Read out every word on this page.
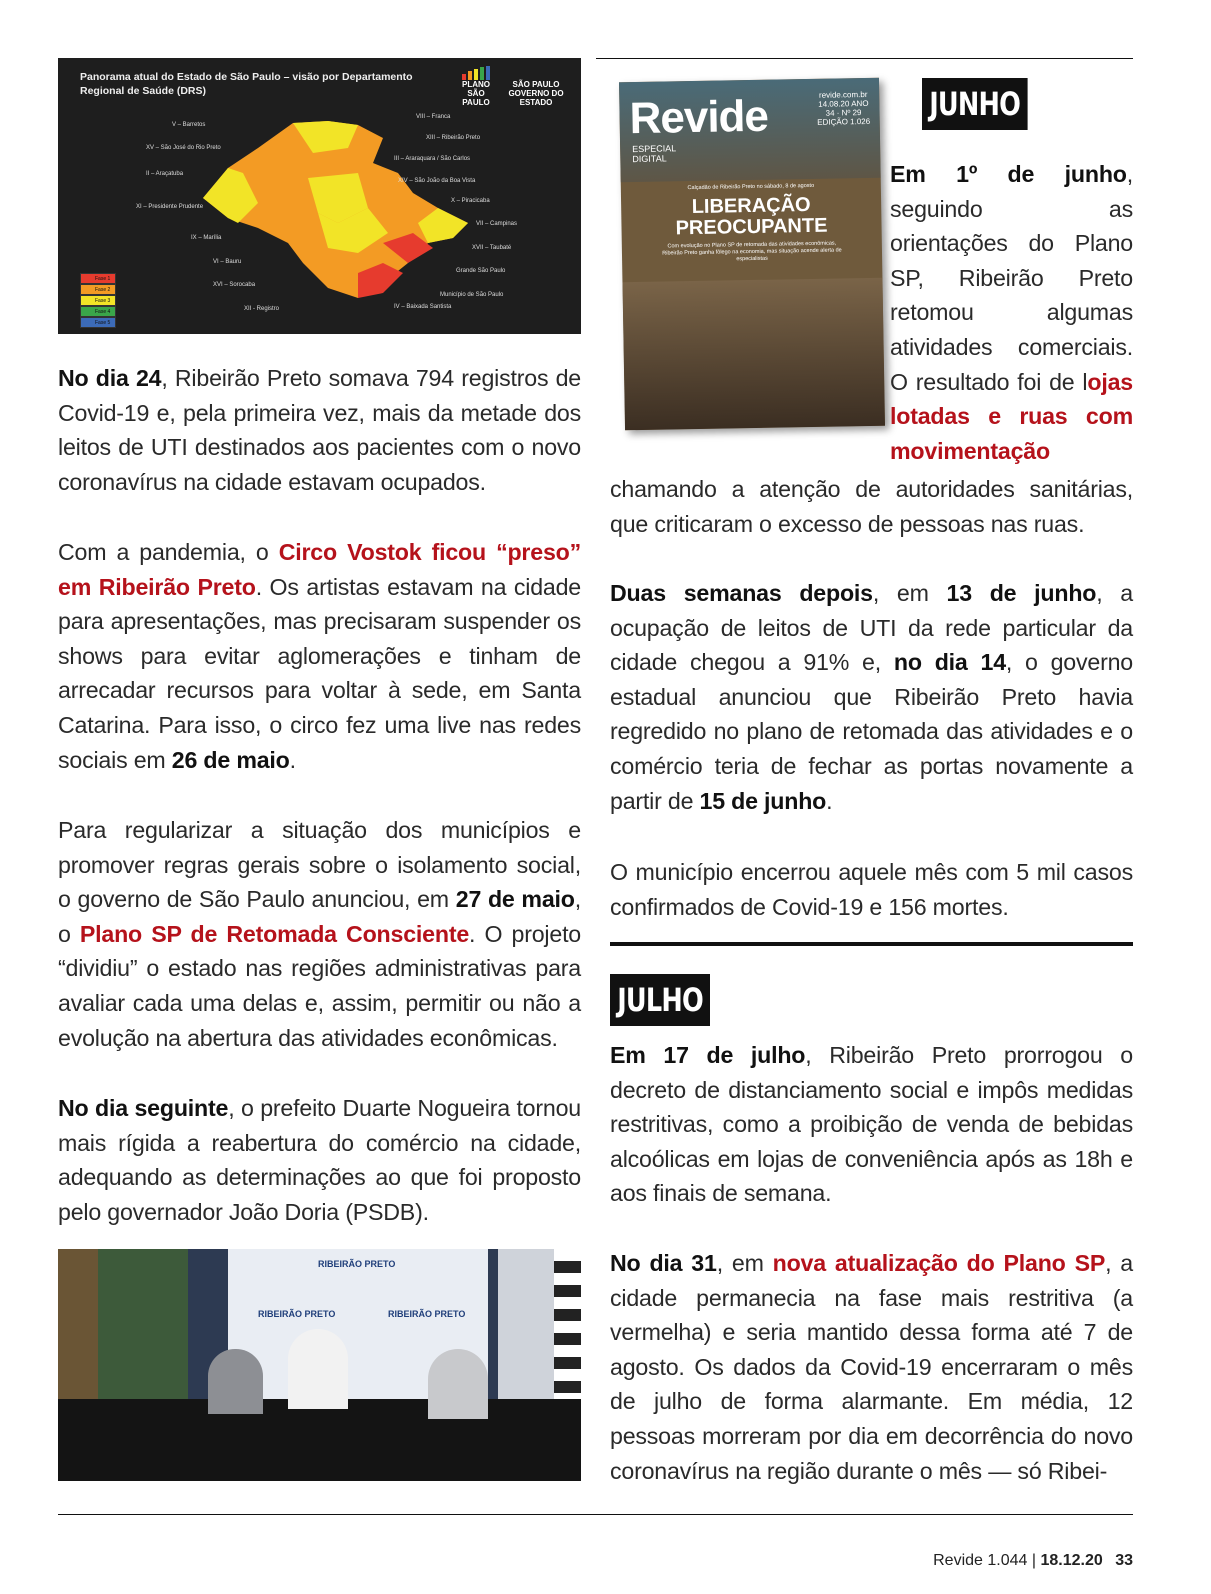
Panorama atual do Estado de São Paulo – visão por Departamento Regional de Saúde (DRS)
PLANO SÃO PAULO
SÃO PAULO GOVERNO DO ESTADO
V – Barretos
XV – São José do Rio Preto
II – Araçatuba
XI – Presidente Prudente
IX – Marília
VI – Bauru
XVI – Sorocaba
XII - Registro
VIII – Franca
XIII – Ribeirão Preto
III – Araraquara / São Carlos
XIV – São João da Boa Vista
X – Piracicaba
VII – Campinas
XVII – Taubaté
Grande São Paulo
Município de São Paulo
IV – Baixada Santista
Fase 1
Fase 2
Fase 3
Fase 4
Fase 5
No dia 24, Ribeirão Preto somava 794 registros de Covid-19 e, pela primeira vez, mais da metade dos leitos de UTI destinados aos pacientes com o novo coronavírus na cidade estavam ocupados.
Com a pandemia, o Circo Vostok ficou “preso” em Ribeirão Preto. Os artistas estavam na cidade para apresentações, mas precisaram suspender os shows para evitar aglomerações e tinham de arrecadar recursos para voltar à sede, em Santa Catarina. Para isso, o circo fez uma live nas redes sociais em 26 de maio.
Para regularizar a situação dos municípios e promover regras gerais sobre o isolamento social, o governo de São Paulo anunciou, em 27 de maio, o Plano SP de Retomada Consciente. O projeto “dividiu” o estado nas regiões administrativas para avaliar cada uma delas e, assim, permitir ou não a evolução na abertura das atividades econômicas.
No dia seguinte, o prefeito Duarte Nogueira tornou mais rígida a reabertura do comércio na cidade, adequando as determinações ao que foi proposto pelo governador João Doria (PSDB).
RIBEIRÃO PRETO
RIBEIRÃO PRETO	RIBEIRÃO PRETO
Revide	revide.com.br 14.08.20 ANO 34 · Nº 29 EDIÇÃO 1.026
ESPECIAL DIGITAL
Calçadão de Ribeirão Preto no sábado, 8 de agosto
LIBERAÇÃO PREOCUPANTE
Com evolução no Plano SP de retomada das atividades econômicas, Ribeirão Preto ganha fôlego na economia, mas situação acende alerta de especialistas
JUNHO
Em 1º de junho, seguindo as orientações do Plano SP, Ribeirão Preto retomou algumas atividades comerciais. O resultado foi de lojas lotadas e ruas com movimentação
chamando a atenção de autoridades sanitárias, que criticaram o excesso de pessoas nas ruas.
Duas semanas depois, em 13 de junho, a ocupação de leitos de UTI da rede particular da cidade chegou a 91% e, no dia 14, o governo estadual anunciou que Ribeirão Preto havia regredido no plano de retomada das atividades e o comércio teria de fechar as portas novamente a partir de 15 de junho.
O município encerrou aquele mês com 5 mil casos confirmados de Covid-19 e 156 mortes.
JULHO
Em 17 de julho, Ribeirão Preto prorrogou o decreto de distanciamento social e impôs medidas restritivas, como a proibição de venda de bebidas alcoólicas em lojas de conveniência após as 18h e aos finais de semana.
No dia 31, em nova atualização do Plano SP, a cidade permanecia na fase mais restritiva (a vermelha) e seria mantido dessa forma até 7 de agosto. Os dados da Covid-19 encerraram o mês de julho de forma alarmante. Em média, 12 pessoas morreram por dia em decorrência do novo coronavírus na região durante o mês — só Ribei-
Revide 1.044 | 18.12.20 33
